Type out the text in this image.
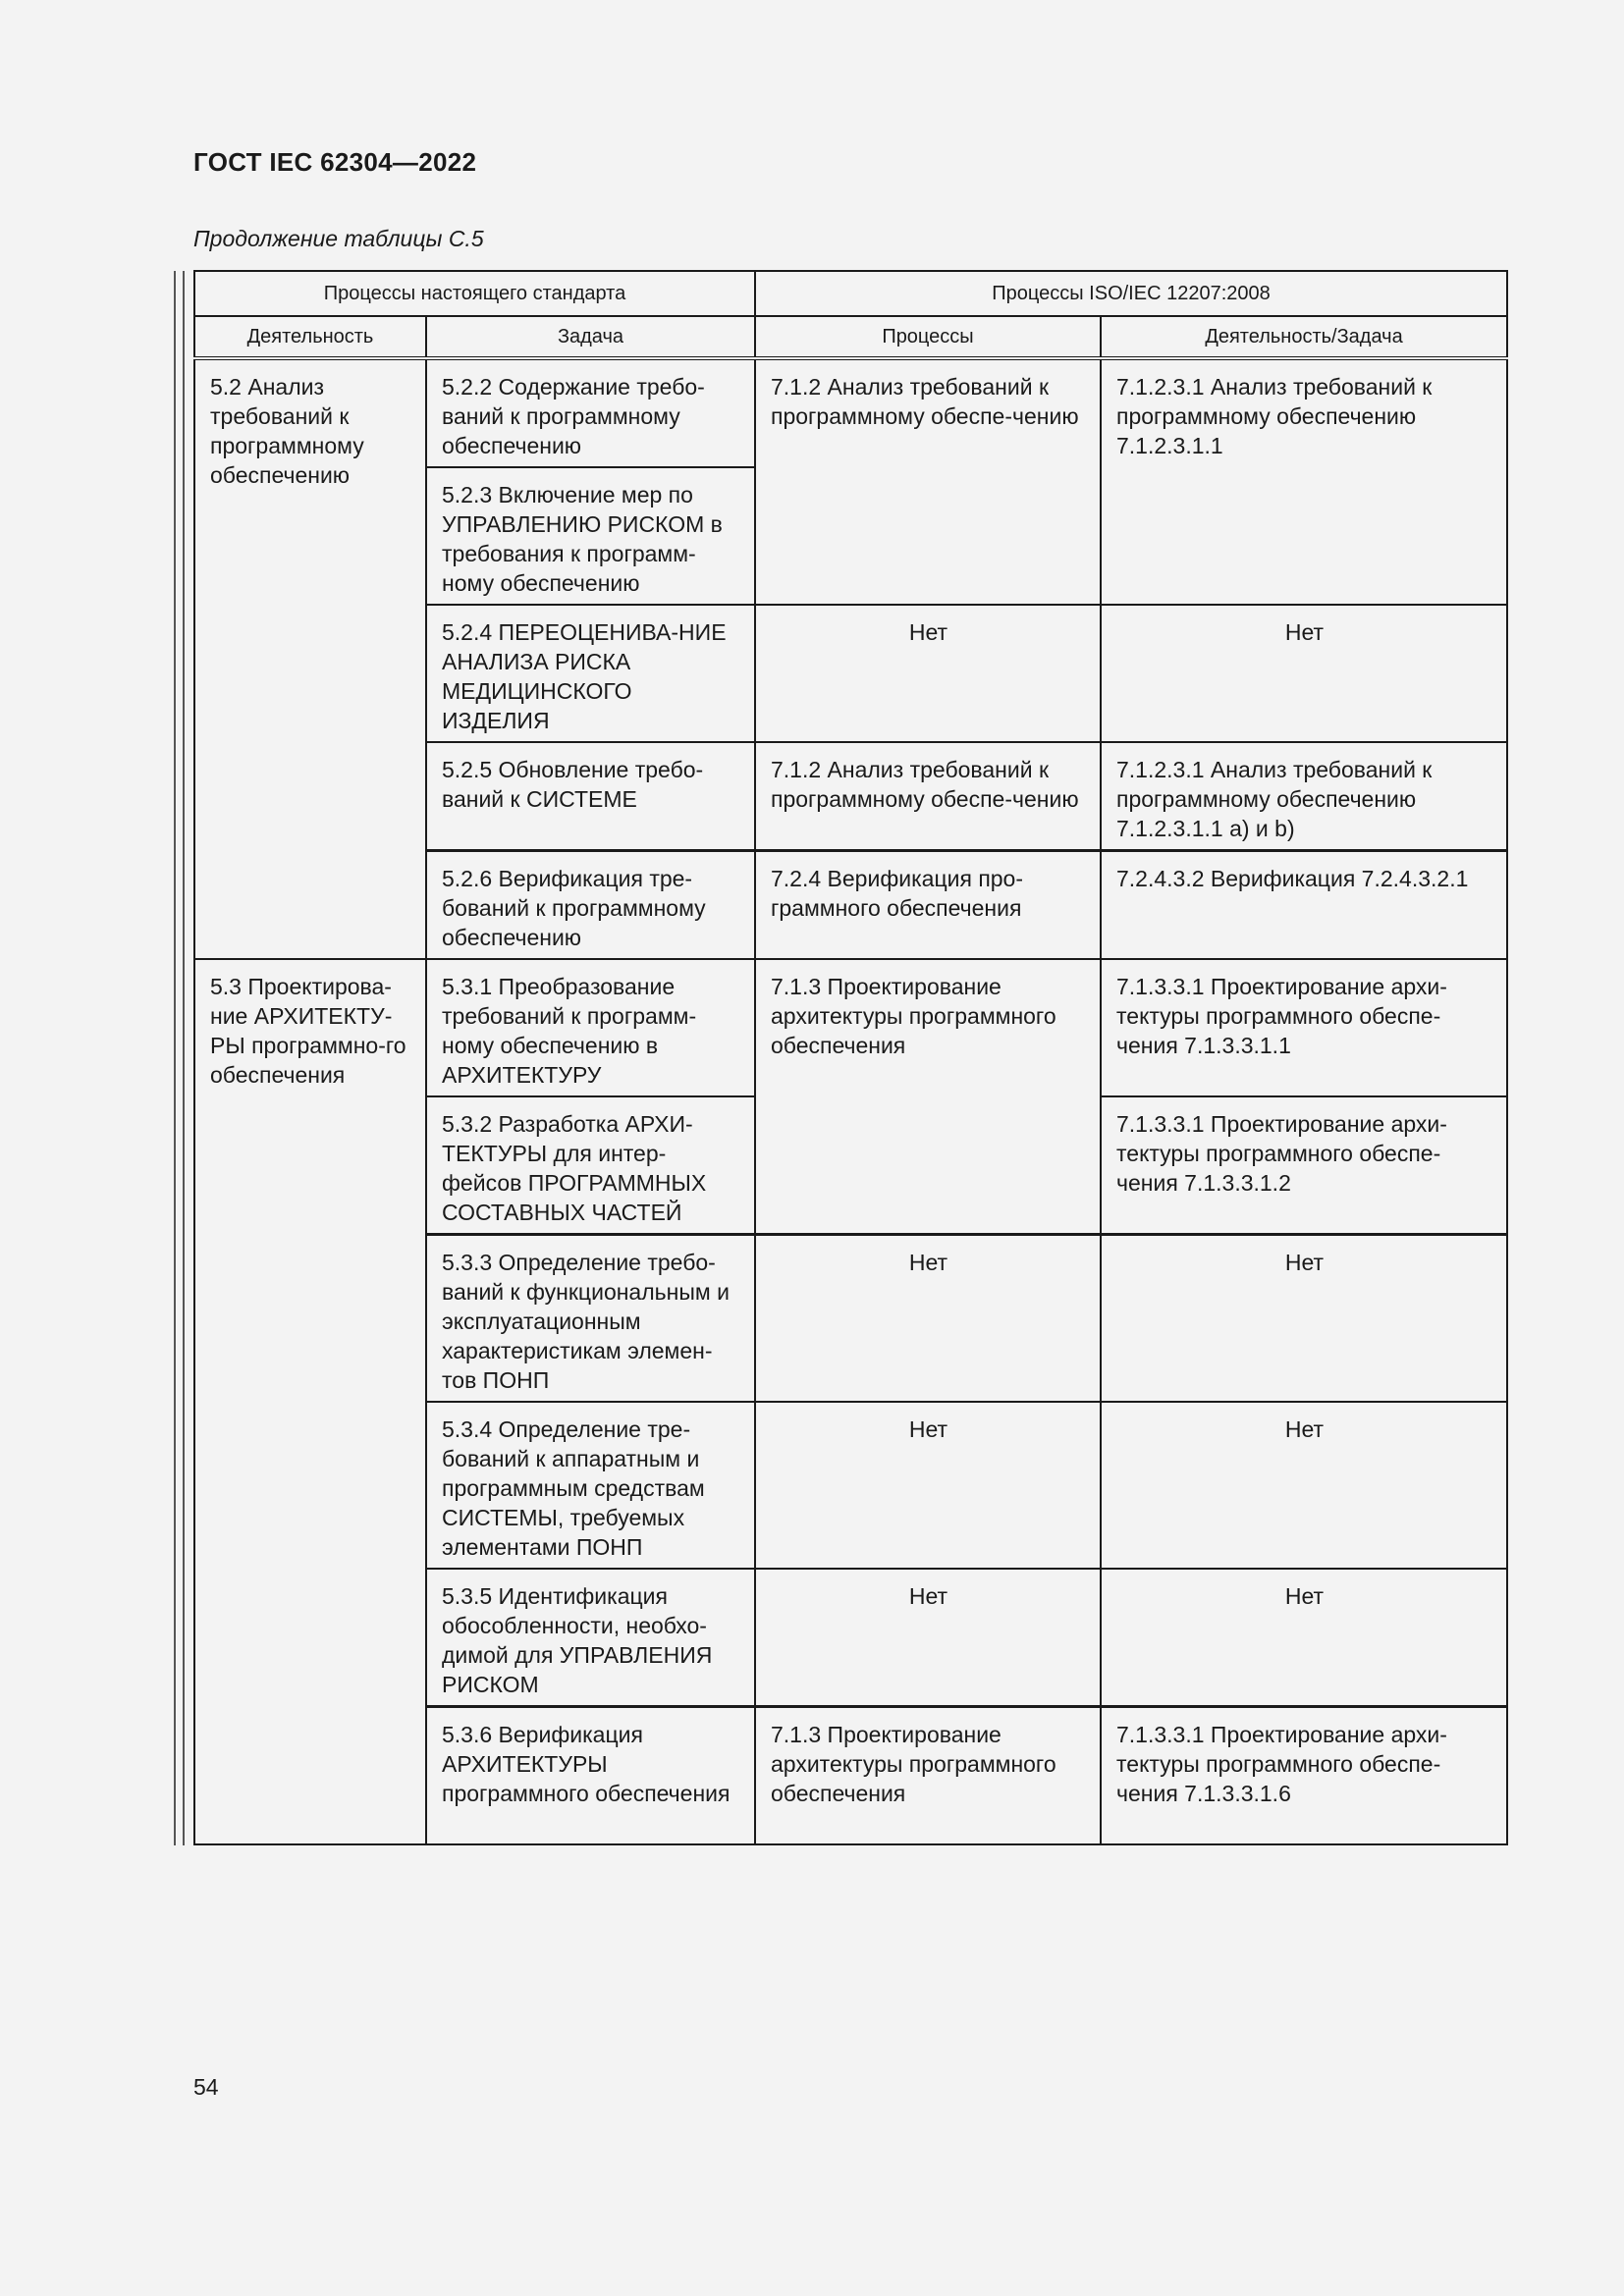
ГОСТ IEC 62304—2022
Продолжение таблицы С.5
Процессы настоящего стандарта		Процессы ISO/IEC 12207:2008	
Деятельность	Задача	Процессы	Деятельность/Задача
5.2 Анализ требований к программному обеспечению	5.2.2 Содержание требо-ваний к программному обеспечению	7.1.2 Анализ требований к программному обеспе-чению	7.1.2.3.1 Анализ требований к программному обеспечению 7.1.2.3.1.1
	5.2.3 Включение мер по УПРАВЛЕНИЮ РИСКОМ в требования к программ-ному обеспечению		
	5.2.4 ПЕРЕОЦЕНИВА-НИЕ АНАЛИЗА РИСКА МЕДИЦИНСКОГО ИЗДЕЛИЯ	Нет	Нет
	5.2.5 Обновление требо-ваний к СИСТЕМЕ	7.1.2 Анализ требований к программному обеспе-чению	7.1.2.3.1 Анализ требований к программному обеспечению 7.1.2.3.1.1 а) и b)
	5.2.6 Верификация тре-бований к программному обеспечению	7.2.4 Верификация про-граммного обеспечения	7.2.4.3.2 Верификация 7.2.4.3.2.1
5.3 Проектирова-ние АРХИТЕКТУ-РЫ программно-го обеспечения	5.3.1 Преобразование требований к программ-ному обеспечению в АРХИТЕКТУРУ	7.1.3 Проектирование архитектуры программного обеспечения	7.1.3.3.1 Проектирование архи-тектуры программного обеспе-чения 7.1.3.3.1.1
	5.3.2 Разработка АРХИ-ТЕКТУРЫ для интер-фейсов ПРОГРАММНЫХ СОСТАВНЫХ ЧАСТЕЙ		7.1.3.3.1 Проектирование архи-тектуры программного обеспе-чения 7.1.3.3.1.2
	5.3.3 Определение требо-ваний к функциональным и эксплуатационным характеристикам элемен-тов ПОНП	Нет	Нет
	5.3.4 Определение тре-бований к аппаратным и программным средствам СИСТЕМЫ, требуемых элементами ПОНП	Нет	Нет
	5.3.5 Идентификация обособленности, необхо-димой для УПРАВЛЕНИЯ РИСКОМ	Нет	Нет
	5.3.6 Верификация АРХИТЕКТУРЫ программного обеспечения	7.1.3 Проектирование архитектуры программного обеспечения	7.1.3.3.1 Проектирование архи-тектуры программного обеспе-чения 7.1.3.3.1.6
54
